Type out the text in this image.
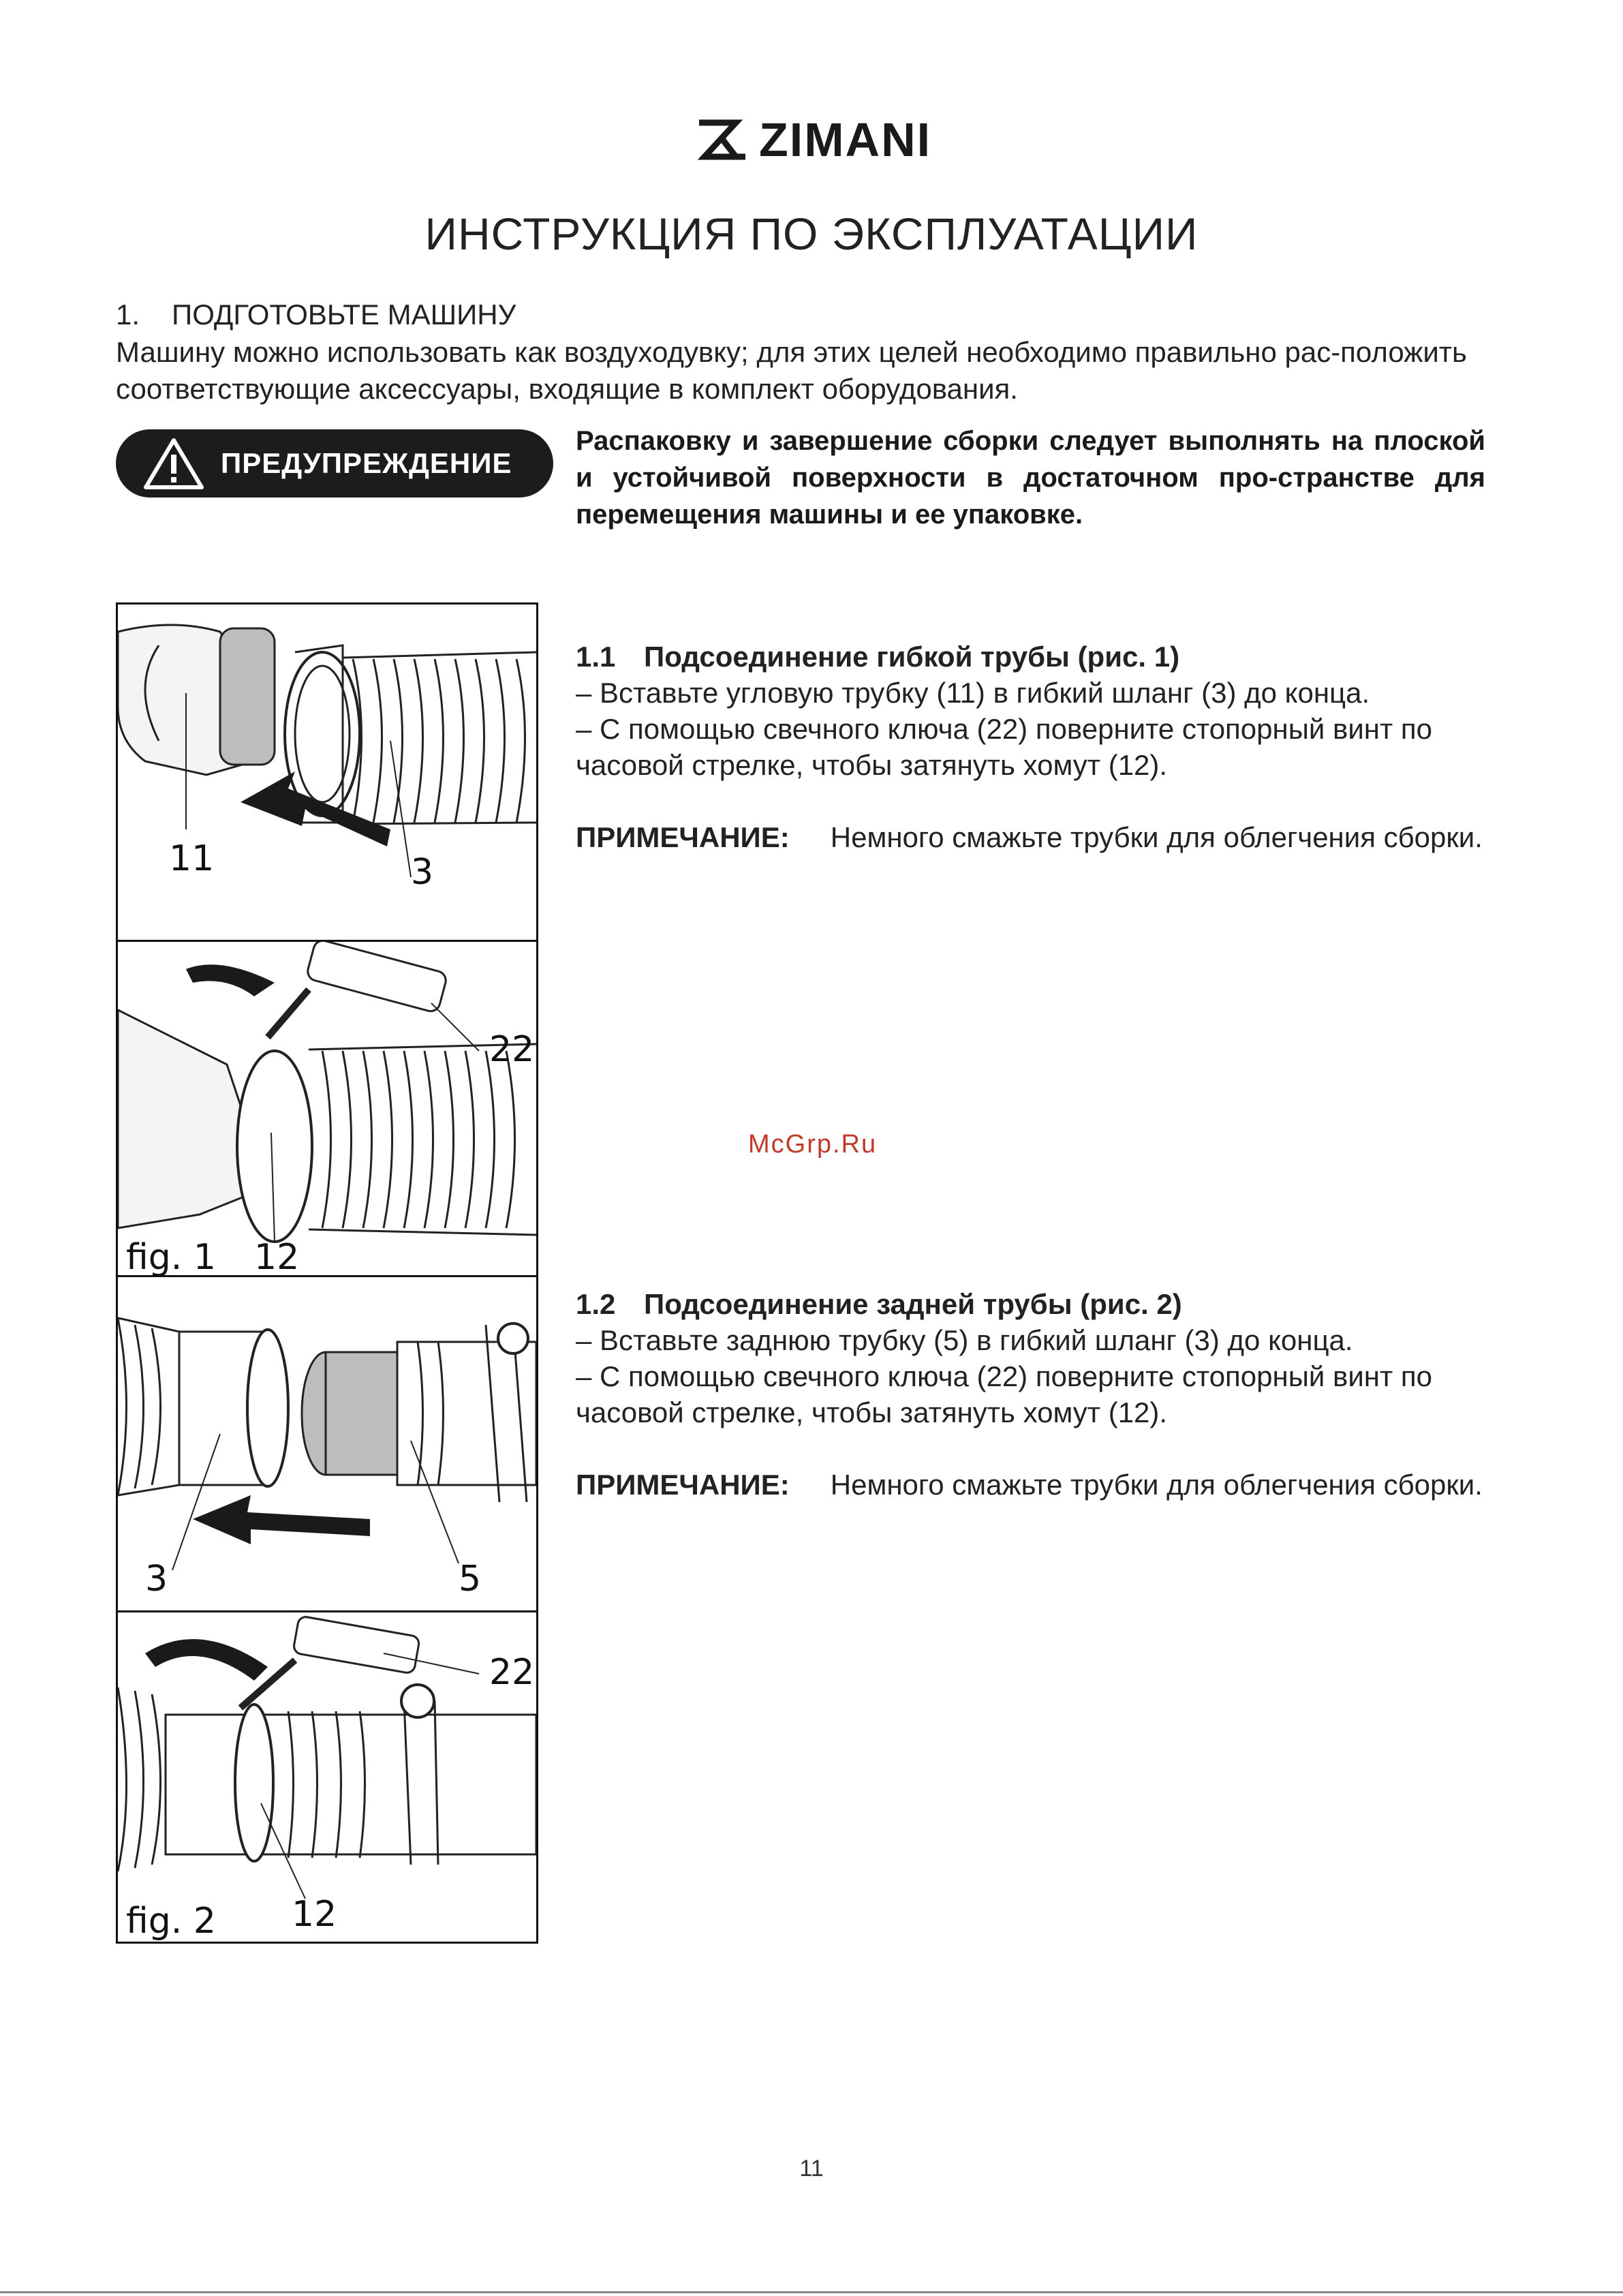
ZIMANI
ИНСТРУКЦИЯ ПО ЭКСПЛУАТАЦИИ
1. ПОДГОТОВЬТЕ МАШИНУ
Машину можно использовать как воздуходувку; для этих целей необходимо правильно рас-положить соответствующие аксессуары, входящие в комплект оборудования.
ПРЕДУПРЕЖДЕНИЕ
Распаковку и завершение сборки следует выполнять на плоской и устойчивой поверхности в достаточном про-странстве для перемещения машины и ее упаковке.
11	3
22
12
fig. 1
3	5
22
12
fig. 2
1.1 Подсоединение гибкой трубы (рис. 1)
– Вставьте угловую трубку (11) в гибкий шланг (3) до конца.
– С помощью свечного ключа (22) поверните стопорный винт по часовой стрелке, чтобы затянуть хомут (12).
ПРИМЕЧАНИЕ: Немного смажьте трубки для облегчения сборки.
McGrp.Ru
1.2 Подсоединение задней трубы (рис. 2)
– Вставьте заднюю трубку (5) в гибкий шланг (3) до конца.
– С помощью свечного ключа (22) поверните стопорный винт по часовой стрелке, чтобы затянуть хомут (12).
ПРИМЕЧАНИЕ: Немного смажьте трубки для облегчения сборки.
11
